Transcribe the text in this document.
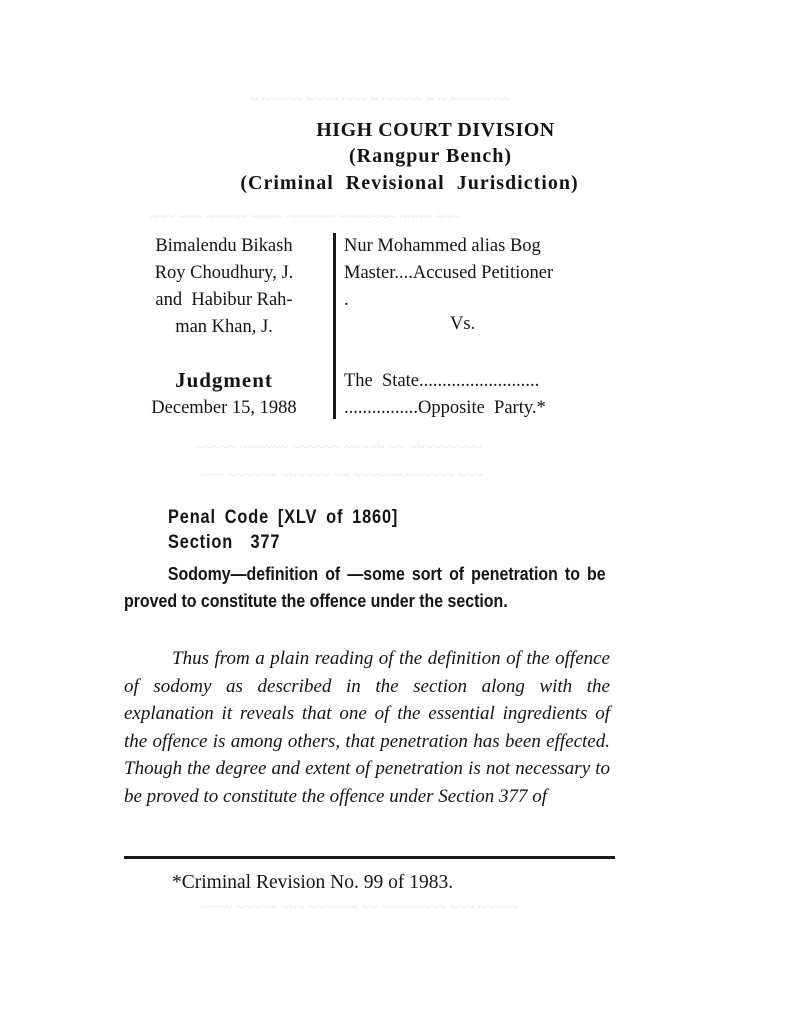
~ ~~~~~ ~~~~ ~~~ ~ ~~~~~ ~ ~ ~~~~~ ~~
~~~ ~~~ ~~~~~ ~~~~ ~~~~~~ ~~~~~~~ ~~~~ ~~~
~~~~~ ~~~~~~ ~~~~~~ ~~~~~ ~~ ~~~~~~~~~
~~~ ~~~~~~ ~~~~~~ ~~ ~~~~~~ ~~~~~~ ~~~
~~~~ ~~~~~ ~~~ ~~~~~~ ~~ ~~~~~~~~ ~~~ ~~~~~
HIGH COURT DIVISION
(Rangpur Bench)
(Criminal Revisional Jurisdiction)
Bimalendu Bikash
Roy Choudhury, J.
and  Habibur Rah-
man Khan, J.
Judgment
December 15, 1988
Nur Mohammed alias Bog
Master....Accused Petitioner
.
Vs.
The  State..........................
................Opposite  Party.*
Penal Code [XLV of 1860]
Section 377
Sodomy—definition of —some sort of penetration to be proved to constitute the offence under the section.
Thus from a plain reading of the definition of the offence of sodomy as described in the section along with the explanation it reveals that one of the essential ingredients of the offence is among others, that penetration has been effected. Though the degree and extent of penetration is not necessary to be proved to constitute the offence under Section 377 of
*Criminal Revision No. 99 of 1983.
